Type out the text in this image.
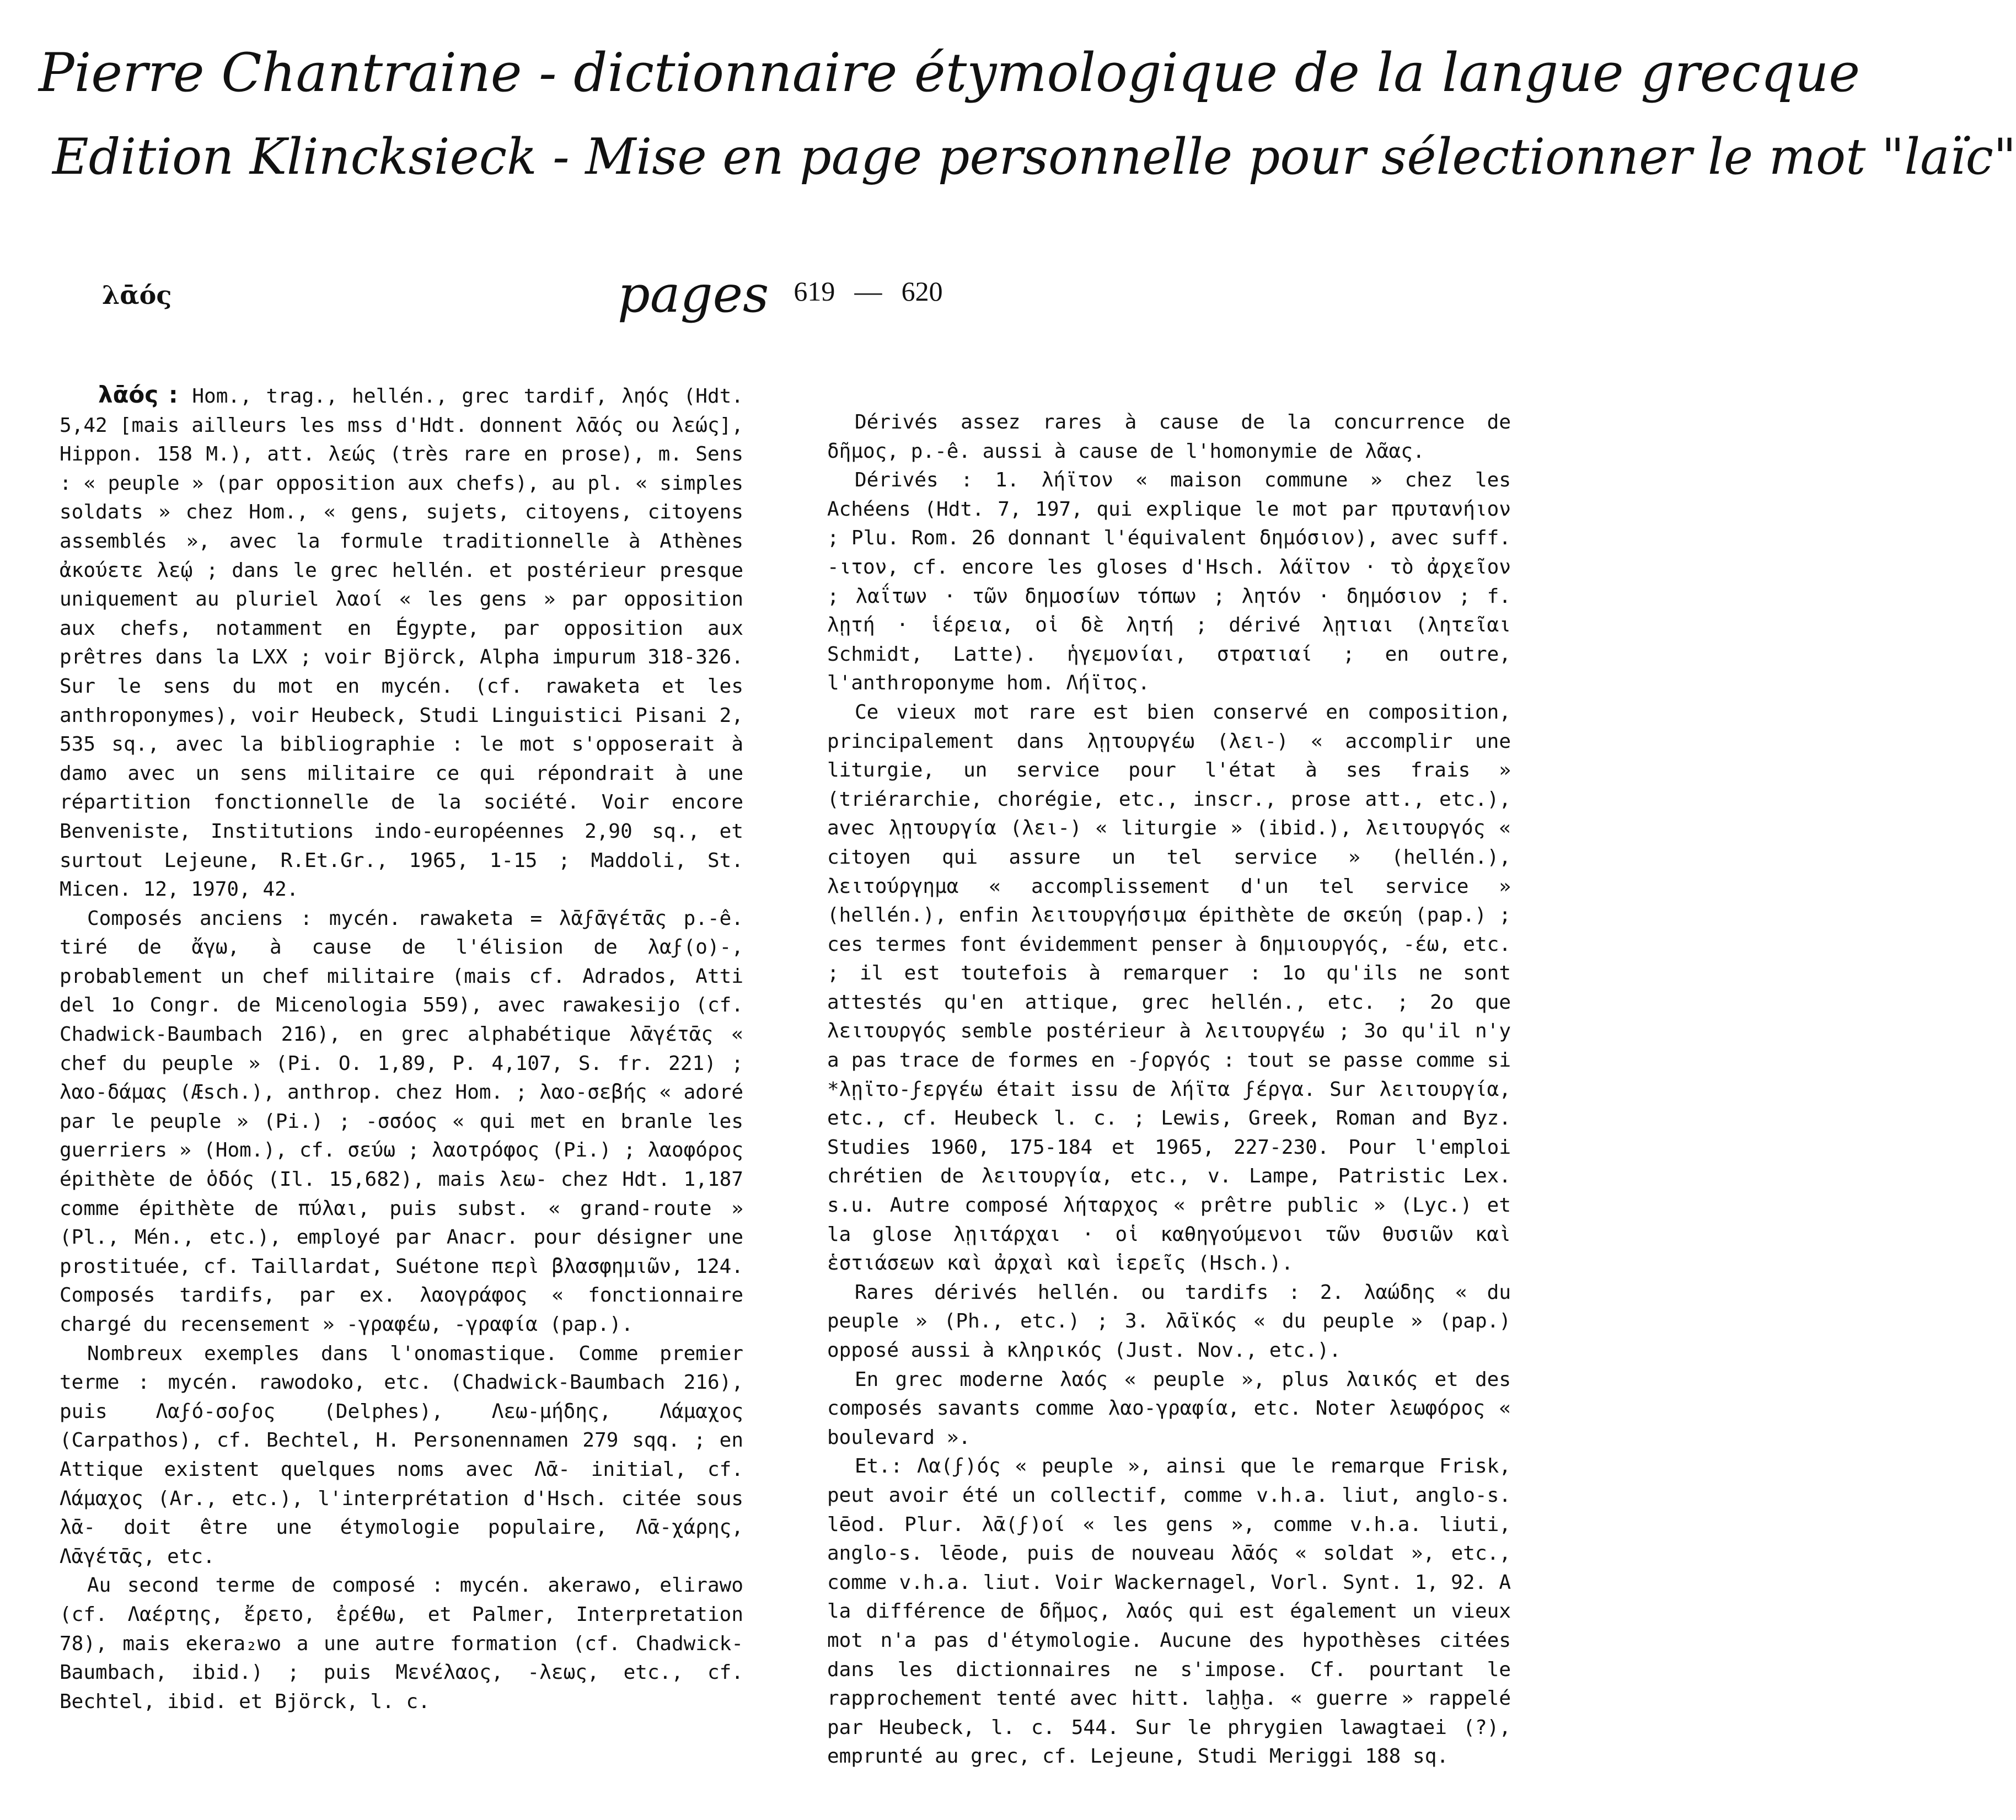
Pierre Chantraine - dictionnaire étymologique de la langue grecque
Edition Klincksieck - Mise en page personnelle pour sélectionner le mot "laïc"
λᾱός	pages 619 — 620

λᾱός : Hom., trag., hellén., grec tardif, ληός (Hdt. 5,42 [mais ailleurs les mss d'Hdt. donnent λᾱός ou λεώς], Hippon. 158 M.), att. λεώς (très rare en prose), m. Sens : « peuple » (par opposition aux chefs), au pl. « simples soldats » chez Hom., « gens, sujets, citoyens, citoyens assemblés », avec la formule traditionnelle à Athènes ἀκούετε λεῴ ; dans le grec hellén. et postérieur presque uniquement au pluriel λαοί « les gens » par opposition aux chefs, notamment en Égypte, par opposition aux prêtres dans la LXX ; voir Björck, Alpha impurum 318-326. Sur le sens du mot en mycén. (cf. rawaketa et les anthroponymes), voir Heubeck, Studi Linguistici Pisani 2, 535 sq., avec la bibliographie : le mot s'opposerait à damo avec un sens militaire ce qui répondrait à une répartition fonctionnelle de la société. Voir encore Benveniste, Institutions indo-européennes 2,90 sq., et surtout Lejeune, R.Et.Gr., 1965, 1-15 ; Maddoli, St. Micen. 12, 1970, 42.

Composés anciens : mycén. rawaketa = λᾱϝᾱγέτᾱς p.-ê. tiré de ἄγω, à cause de l'élision de λαϝ(ο)-, probablement un chef militaire (mais cf. Adrados, Atti del 1o Congr. de Micenologia 559), avec rawakesijo (cf. Chadwick-Baumbach 216), en grec alphabétique λᾱγέτᾱς « chef du peuple » (Pi. O. 1,89, P. 4,107, S. fr. 221) ; λαο-δάμας (Æsch.), anthrop. chez Hom. ; λαο-σεβής « adoré par le peuple » (Pi.) ; -σσόος « qui met en branle les guerriers » (Hom.), cf. σεύω ; λαοτρόφος (Pi.) ; λαοφόρος épithète de ὁδός (Il. 15,682), mais λεω- chez Hdt. 1,187 comme épithète de πύλαι, puis subst. « grand-route » (Pl., Mén., etc.), employé par Anacr. pour désigner une prostituée, cf. Taillardat, Suétone περὶ βλασφημιῶν, 124. Composés tardifs, par ex. λαογράφος « fonctionnaire chargé du recensement » -γραφέω, -γραφία (pap.).

Nombreux exemples dans l'onomastique. Comme premier terme : mycén. rawodoko, etc. (Chadwick-Baumbach 216), puis Λαϝό-σοϝος (Delphes), Λεω-μήδης, Λάμαχος (Carpathos), cf. Bechtel, H. Personennamen 279 sqq. ; en Attique existent quelques noms avec Λᾱ- initial, cf. Λάμαχος (Ar., etc.), l'interprétation d'Hsch. citée sous λᾱ- doit être une étymologie populaire, Λᾱ-χάρης, Λᾱγέτᾱς, etc.

Au second terme de composé : mycén. akerawo, elirawo (cf. Λαέρτης, ἔρετο, ἐρέθω, et Palmer, Interpretation 78), mais ekera₂wo a une autre formation (cf. Chadwick-Baumbach, ibid.) ; puis Μενέλαος, -λεως, etc., cf. Bechtel, ibid. et Björck, l. c.

Dérivés assez rares à cause de la concurrence de δῆμος, p.-ê. aussi à cause de l'homonymie de λᾶας.

Dérivés : 1. λήϊτον « maison commune » chez les Achéens (Hdt. 7, 197, qui explique le mot par πρυτανήιον ; Plu. Rom. 26 donnant l'équivalent δημόσιον), avec suff. -ιτον, cf. encore les gloses d'Hsch. λάϊτον · τὸ ἀρχεῖον ; λαΐτων · τῶν δημοσίων τόπων ; λητόν · δημόσιον ; f. λῃτή · ἱέρεια, οἱ δὲ λητή ; dérivé λῃτιαι (λητεῖαι Schmidt, Latte). ἡγεμονίαι, στρατιαί ; en outre, l'anthroponyme hom. Λήϊτος.

Ce vieux mot rare est bien conservé en composition, principalement dans λῃτουργέω (λει-) « accomplir une liturgie, un service pour l'état à ses frais » (triérarchie, chorégie, etc., inscr., prose att., etc.), avec λῃτουργία (λει-) « liturgie » (ibid.), λειτουργός « citoyen qui assure un tel service » (hellén.), λειτούργημα « accomplissement d'un tel service » (hellén.), enfin λειτουργήσιμα épithète de σκεύη (pap.) ; ces termes font évidemment penser à δημιουργός, -έω, etc. ; il est toutefois à remarquer : 1o qu'ils ne sont attestés qu'en attique, grec hellén., etc. ; 2o que λειτουργός semble postérieur à λειτουργέω ; 3o qu'il n'y a pas trace de formes en -ϝοργός : tout se passe comme si *λῃϊτο-ϝεργέω était issu de λήϊτα ϝέργα. Sur λειτουργία, etc., cf. Heubeck l. c. ; Lewis, Greek, Roman and Byz. Studies 1960, 175-184 et 1965, 227-230. Pour l'emploi chrétien de λειτουργία, etc., v. Lampe, Patristic Lex. s.u. Autre composé λήταρχος « prêtre public » (Lyc.) et la glose λῃιτάρχαι · οἱ καθηγούμενοι τῶν θυσιῶν καὶ ἑστιάσεων καὶ ἀρχαὶ καὶ ἱερεῖς (Hsch.).

Rares dérivés hellén. ou tardifs : 2. λαώδης « du peuple » (Ph., etc.) ; 3. λᾱϊκός « du peuple » (pap.) opposé aussi à κληρικός (Just. Nov., etc.).

En grec moderne λαός « peuple », plus λαικός et des composés savants comme λαο-γραφία, etc. Noter λεωφόρος « boulevard ».

Et.: Λα(ϝ)ός « peuple », ainsi que le remarque Frisk, peut avoir été un collectif, comme v.h.a. liut, anglo-s. lēod. Plur. λᾱ(ϝ)οί « les gens », comme v.h.a. liuti, anglo-s. lēode, puis de nouveau λᾱός « soldat », etc., comme v.h.a. liut. Voir Wackernagel, Vorl. Synt. 1, 92. A la différence de δῆμος, λαός qui est également un vieux mot n'a pas d'étymologie. Aucune des hypothèses citées dans les dictionnaires ne s'impose. Cf. pourtant le rapprochement tenté avec hitt. laḫḫa. « guerre » rappelé par Heubeck, l. c. 544. Sur le phrygien lawagtaei (?), emprunté au grec, cf. Lejeune, Studi Meriggi 188 sq.
